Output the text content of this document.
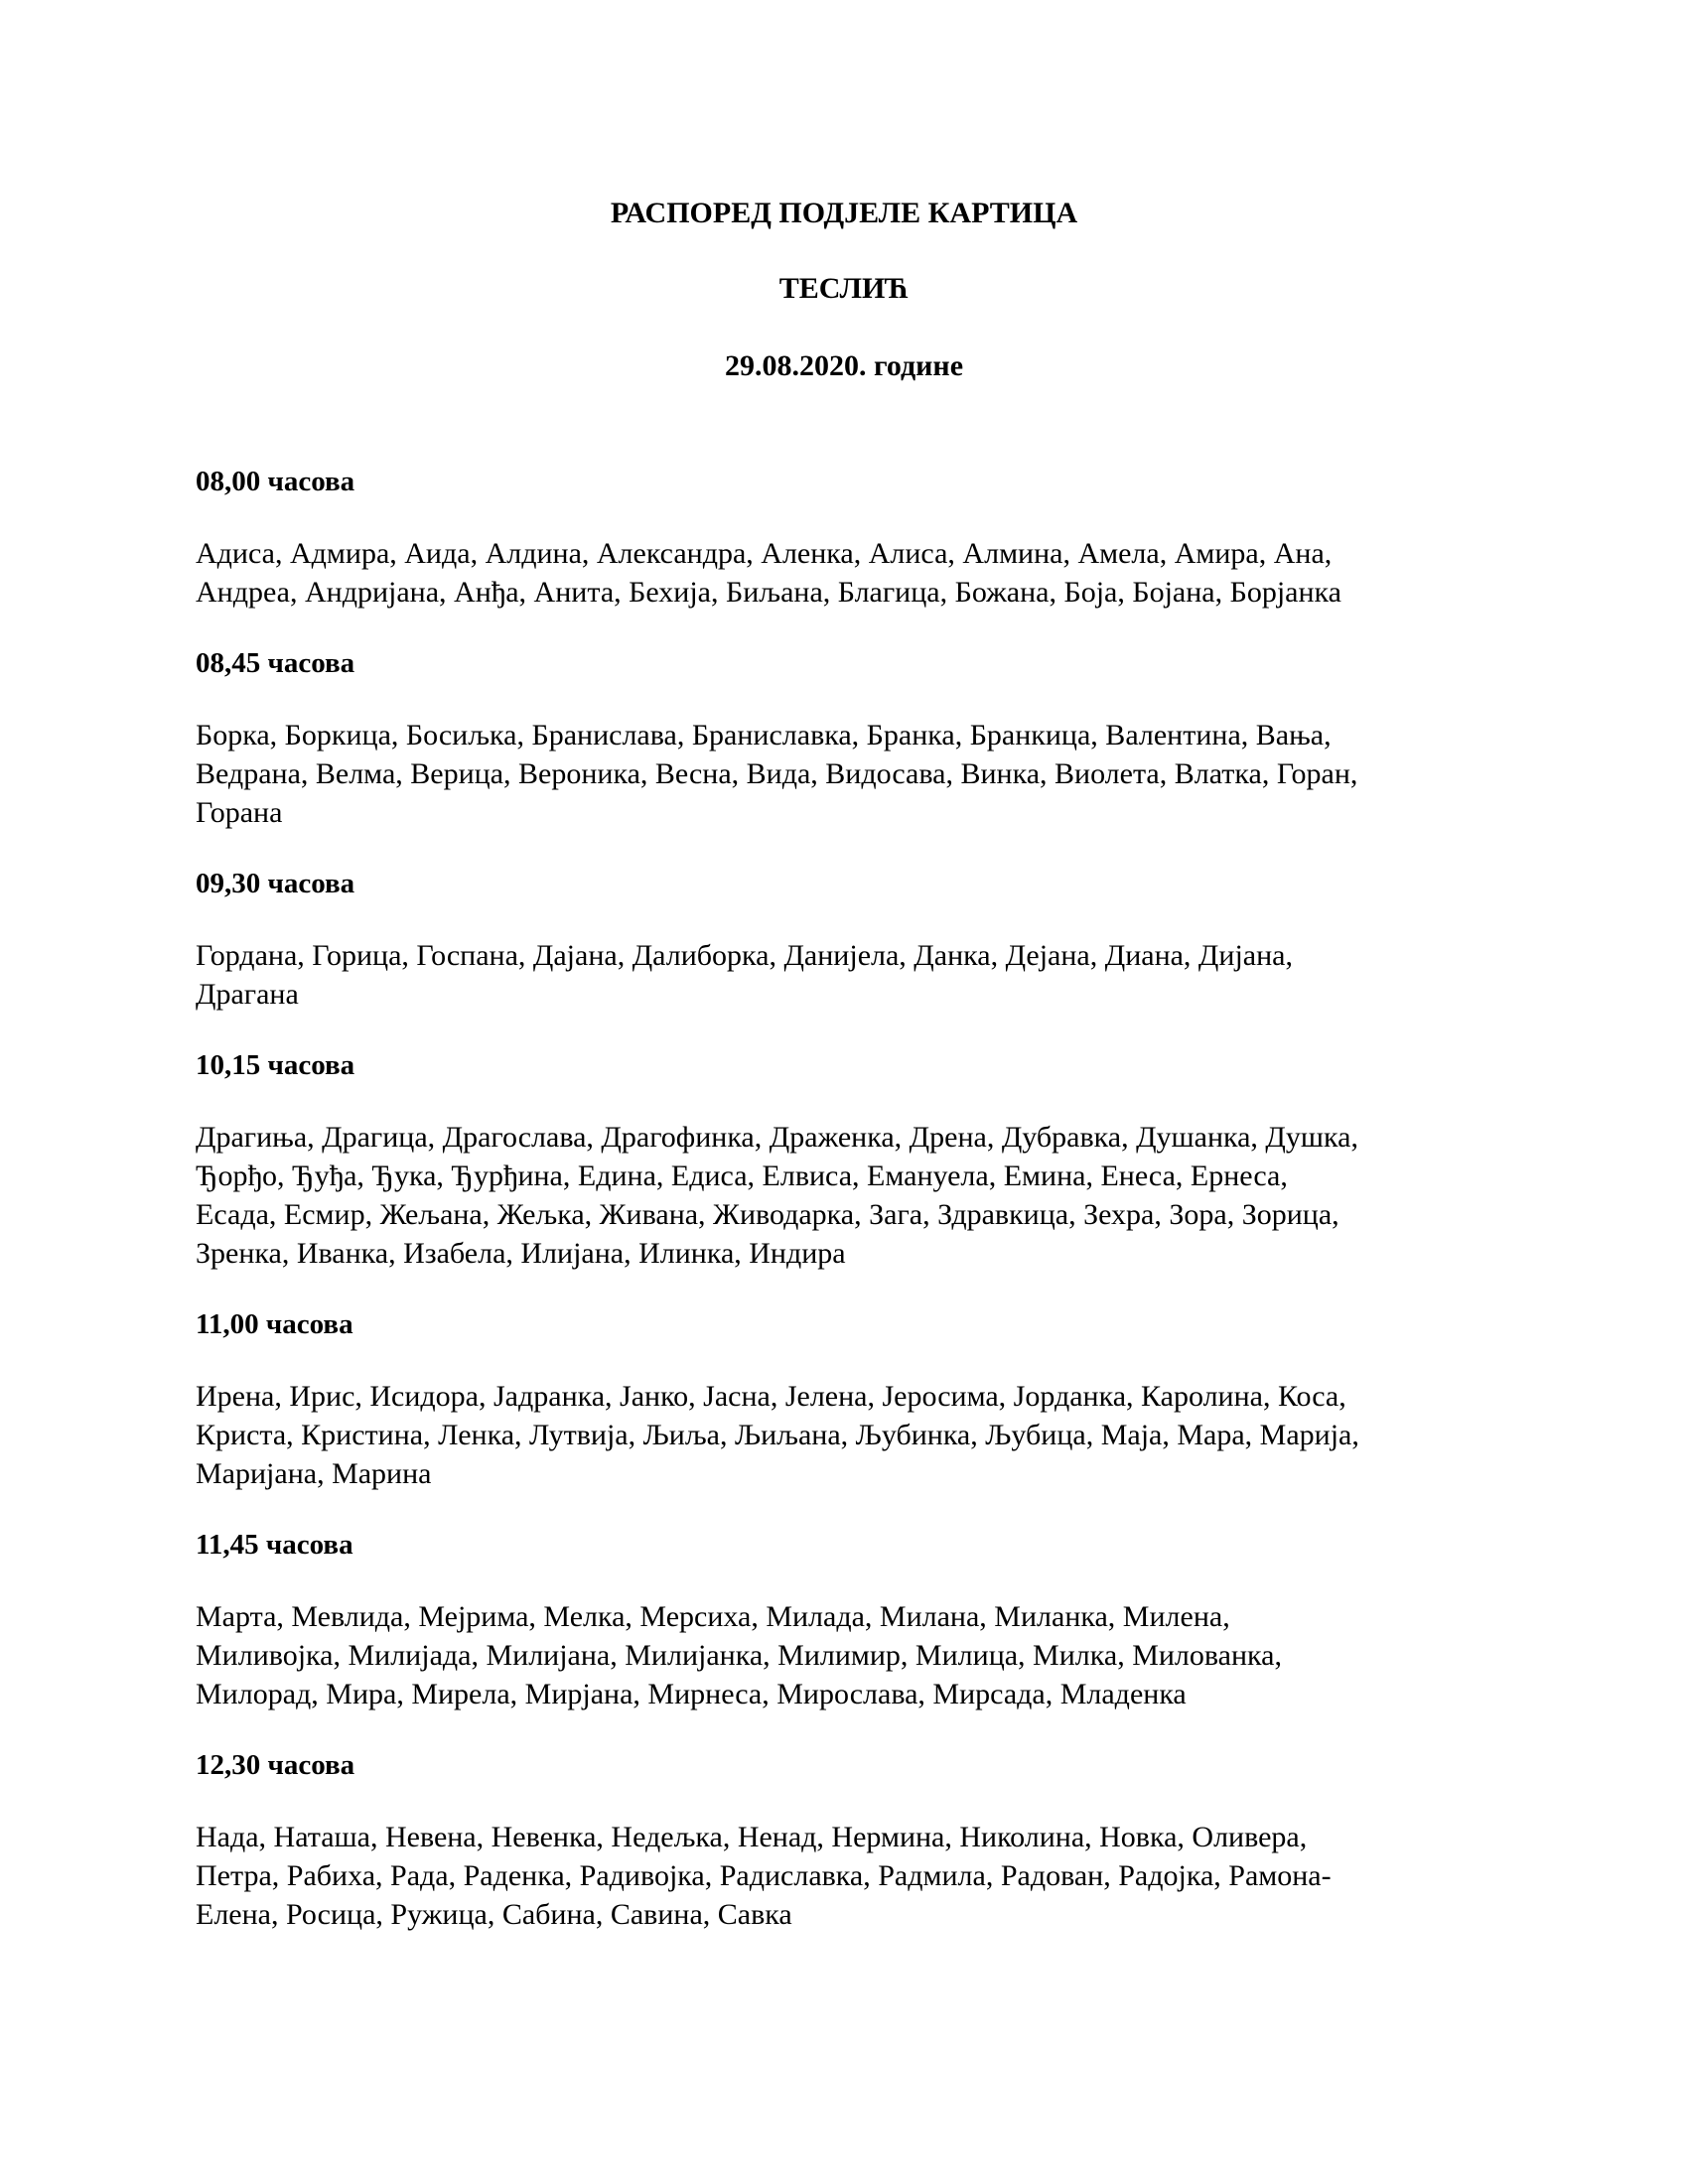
РАСПОРЕД ПОДЈЕЛЕ КАРТИЦА
ТЕСЛИЋ
29.08.2020. године
08,00 часова
Адиса, Адмира, Аида, Алдина, Александра, Аленка, Алиса, Алмина, Амела, Амира, Ана,
Андреа, Андријана, Анђа, Анита, Бехија, Биљана, Благица, Божана, Боја, Бојана, Борјанка
08,45 часова
Борка, Боркица, Босиљка, Бранислава, Браниславка, Бранка, Бранкица, Валентина, Вања,
Ведрана, Велма, Верица, Вероника, Весна, Вида, Видосава, Винка, Виолета, Влатка, Горан,
Горана
09,30 часова
Гордана, Горица, Госпана, Дајана, Далиборка, Данијела, Данка, Дејана, Диана, Дијана,
Драгана
10,15 часова
Драгиња, Драгица, Драгослава, Драгофинка, Драженка, Дрена, Дубравка, Душанка, Душка,
Ђорђо, Ђуђа, Ђука, Ђурђина, Едина, Едиса, Елвиса, Емануела, Емина, Енеса, Ернеса,
Есада, Есмир, Жељана, Жељка, Живана, Живодарка, Зага, Здравкица, Зехра, Зора, Зорица,
Зренка, Иванка, Изабела, Илијана, Илинка, Индира
11,00 часова
Ирена, Ирис, Исидора, Јадранка, Јанко, Јасна, Јелена, Јеросима, Јорданка, Каролина, Коса,
Криста, Кристина, Ленка, Лутвија, Љиља, Љиљана, Љубинка, Љубица, Маја, Мара, Марија,
Маријана, Марина
11,45 часова
Марта, Мевлида, Мејрима, Мелка, Мерсиха, Милада, Милана, Миланка, Милена,
Миливојка, Милијада, Милијана, Милијанка, Милимир, Милица, Милка, Милованка,
Милорад, Мира, Мирела, Мирјана, Мирнеса, Мирослава, Мирсада, Младенка
12,30 часова
Нада, Наташа, Невена, Невенка, Недељка, Ненад, Нермина, Николина, Новка, Оливера,
Петра, Рабиха, Рада, Раденка, Радивојка, Радиславка, Радмила, Радован, Радојка, Рамона-
Елена, Росица, Ружица, Сабина, Савина, Савка
